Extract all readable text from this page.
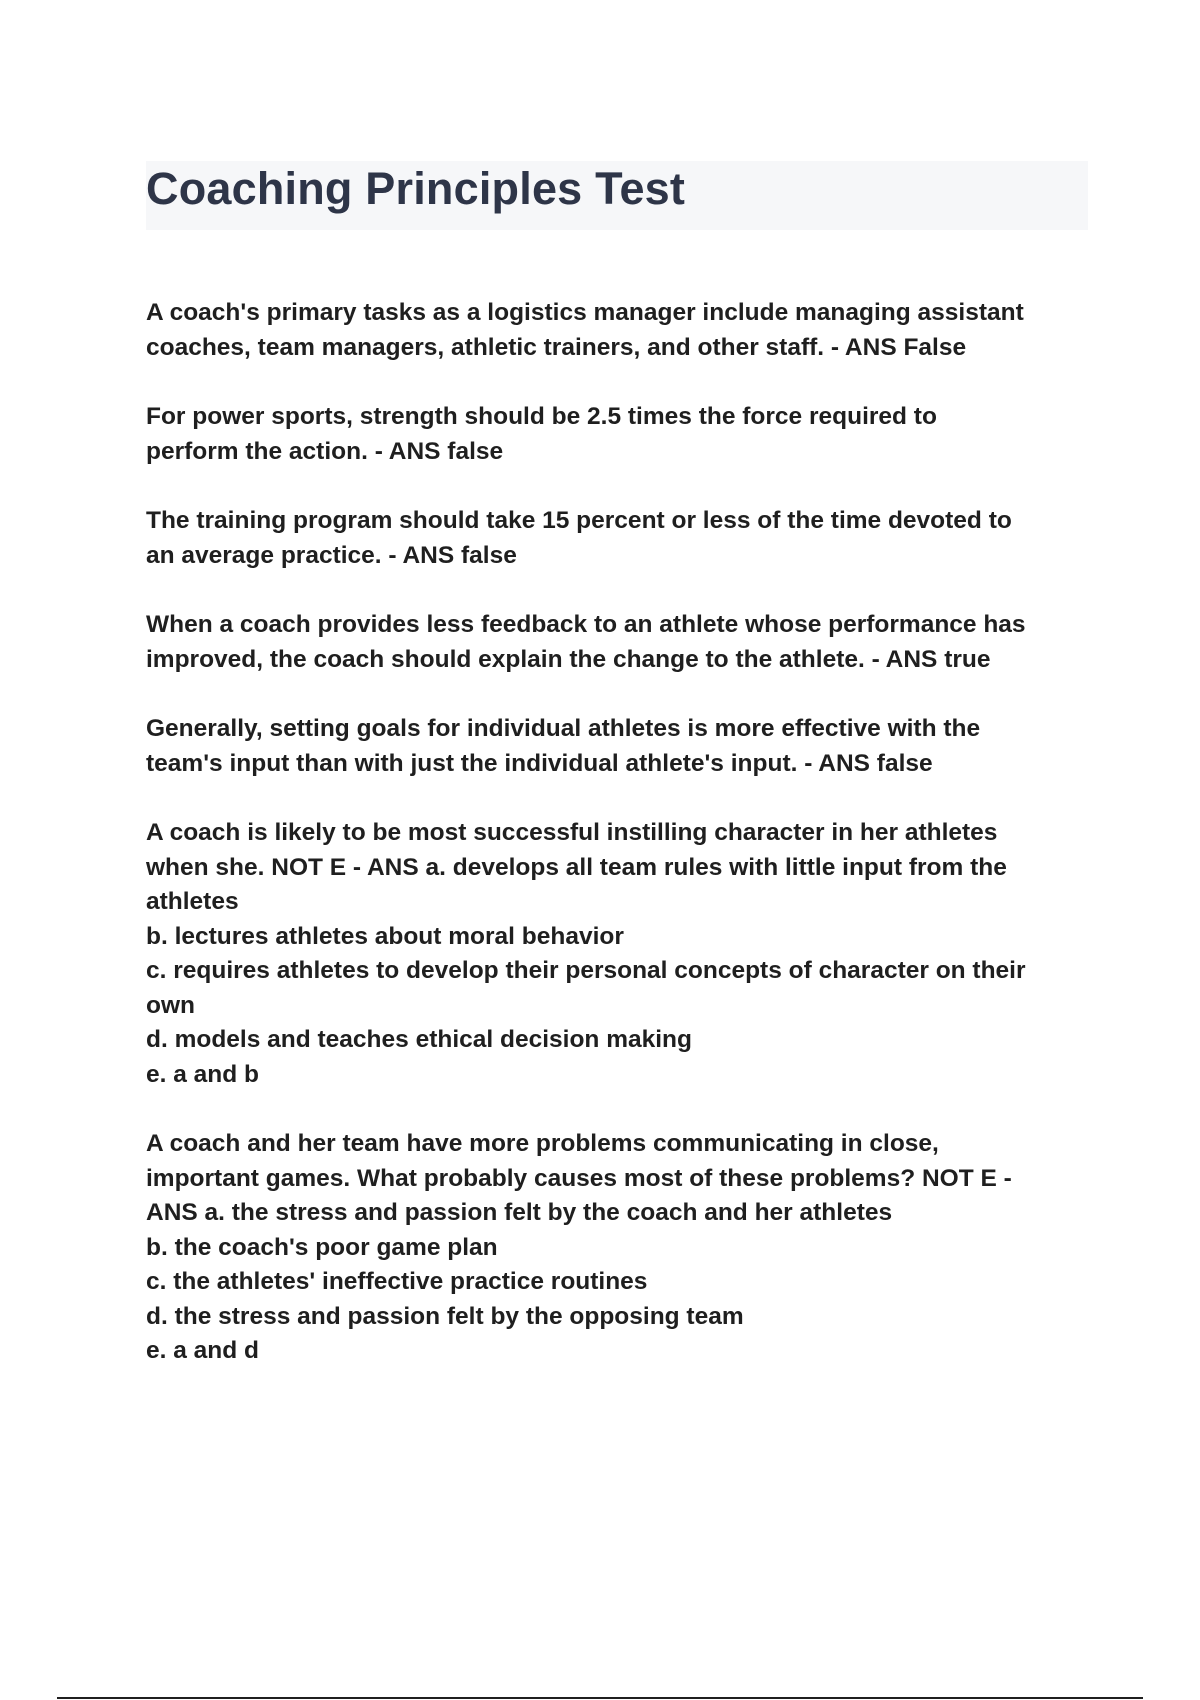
Coaching Principles Test

A coach's primary tasks as a logistics manager include managing assistant
coaches, team managers, athletic trainers, and other staff. - ANS False

For power sports, strength should be 2.5 times the force required to
perform the action. - ANS false

The training program should take 15 percent or less of the time devoted to
an average practice. - ANS false

When a coach provides less feedback to an athlete whose performance has
improved, the coach should explain the change to the athlete. - ANS true

Generally, setting goals for individual athletes is more effective with the
team's input than with just the individual athlete's input. - ANS false

A coach is likely to be most successful instilling character in her athletes
when she. NOT E - ANS a. develops all team rules with little input from the
athletes
b. lectures athletes about moral behavior
c. requires athletes to develop their personal concepts of character on their
own
d. models and teaches ethical decision making
e. a and b

A coach and her team have more problems communicating in close,
important games. What probably causes most of these problems? NOT E -
ANS a. the stress and passion felt by the coach and her athletes
b. the coach's poor game plan
c. the athletes' ineffective practice routines
d. the stress and passion felt by the opposing team
e. a and d
